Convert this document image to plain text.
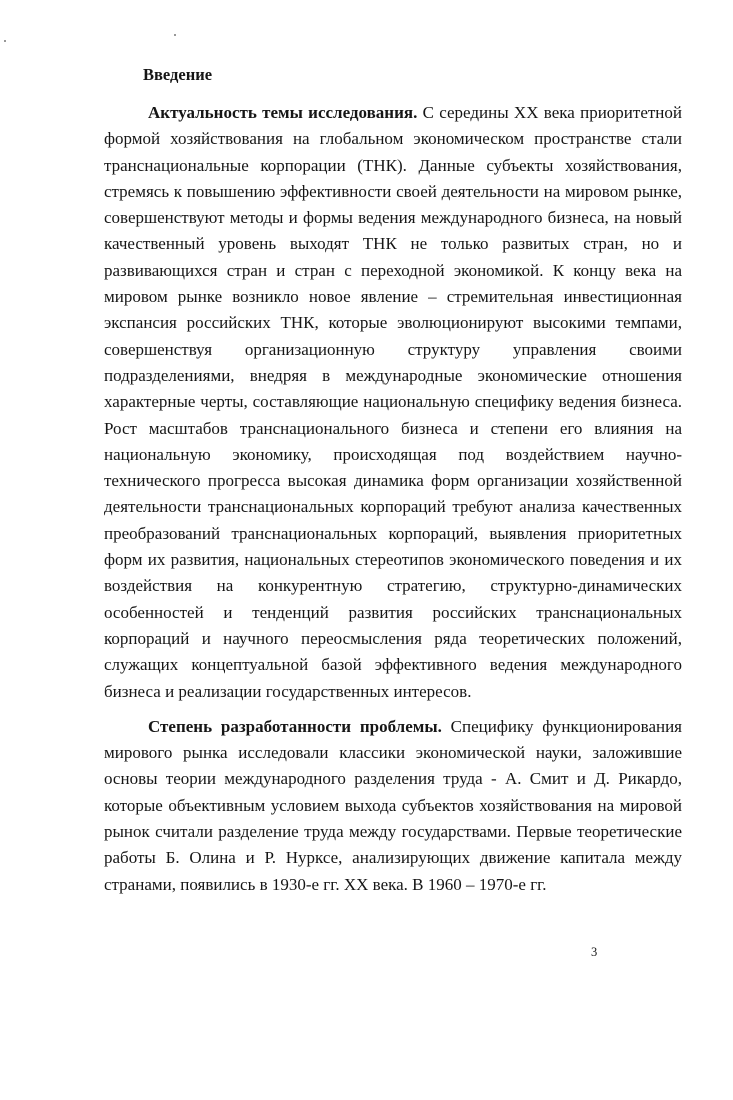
Введение

Актуальность темы исследования. С середины XX века приоритетной формой хозяйствования на глобальном экономическом пространстве стали транснациональные корпорации (ТНК). Данные субъекты хозяйствования, стремясь к повышению эффективности своей деятельности на мировом рынке, совершенствуют методы и формы ведения международного бизнеса, на новый качественный уровень выходят ТНК не только развитых стран, но и развивающихся стран и стран с переходной экономикой. К концу века на мировом рынке возникло новое явление – стремительная инвестиционная экспансия российских ТНК, которые эволюционируют высокими темпами, совершенствуя организационную структуру управления своими подразделениями, внедряя в международные экономические отношения характерные черты, составляющие национальную специфику ведения бизнеса. Рост масштабов транснационального бизнеса и степени его влияния на национальную экономику, происходящая под воздействием научно-технического прогресса высокая динамика форм организации хозяйственной деятельности транснациональных корпораций требуют анализа качественных преобразований транснациональных корпораций, выявления приоритетных форм их развития, национальных стереотипов экономического поведения и их воздействия на конкурентную стратегию, структурно-динамических особенностей и тенденций развития российских транснациональных корпораций и научного переосмысления ряда теоретических положений, служащих концептуальной базой эффективного ведения международного бизнеса и реализации государственных интересов.

Степень разработанности проблемы. Специфику функционирования мирового рынка исследовали классики экономической науки, заложившие основы теории международного разделения труда - А. Смит и Д. Рикардо, которые объективным условием выхода субъектов хозяйствования на мировой рынок считали разделение труда между государствами. Первые теоретические работы Б. Олина и Р. Нурксе, анализирующих движение капитала между странами, появились в 1930-е гг. XX века. В 1960 – 1970-е гг.

3
